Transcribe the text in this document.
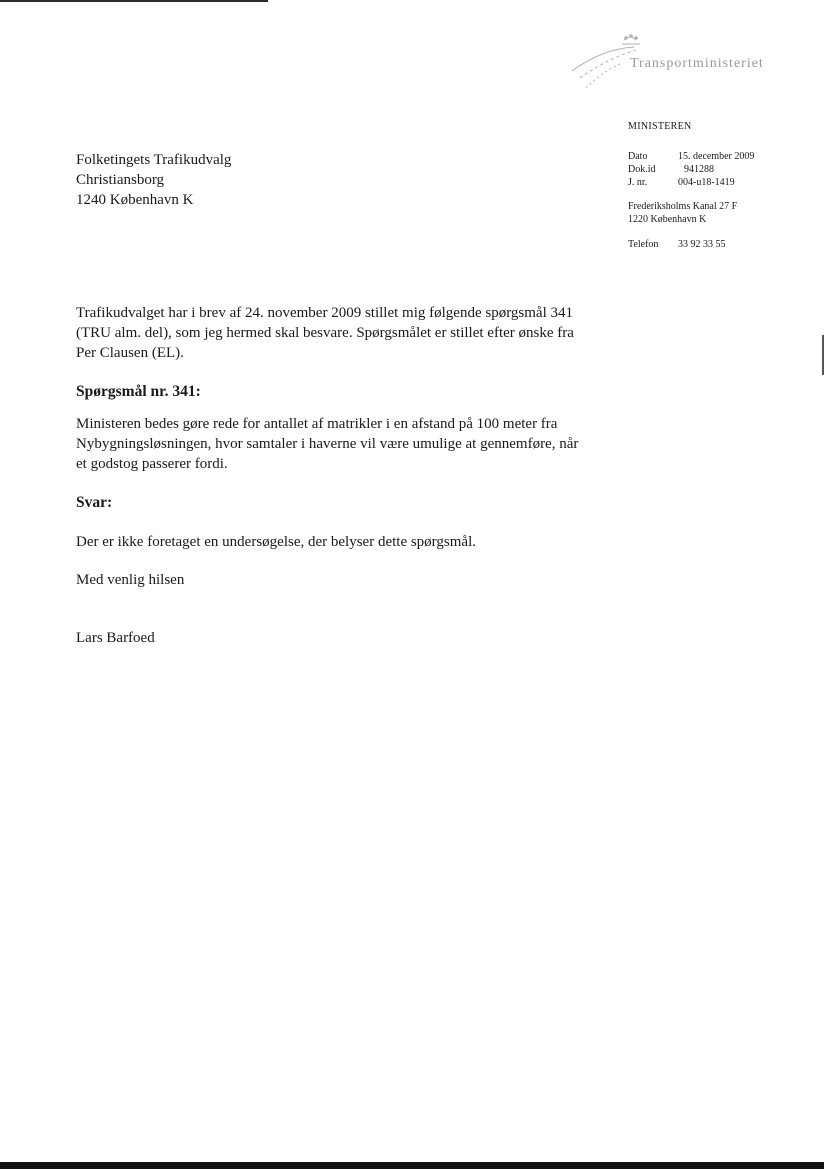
Transportministeriet
MINISTEREN
Dato	15. december 2009
Dok.id	941288
J. nr.	004-u18-1419
Frederiksholms Kanal 27 F
1220 København K
Telefon	33 92 33 55
Folketingets Trafikudvalg
Christiansborg
1240 København K
Trafikudvalget har i brev af 24. november 2009 stillet mig følgende spørgsmål 341 (TRU alm. del), som jeg hermed skal besvare. Spørgsmålet er stillet efter ønske fra Per Clausen (EL).
Spørgsmål nr. 341:
Ministeren bedes gøre rede for antallet af matrikler i en afstand på 100 meter fra Nybygningsløsningen, hvor samtaler i haverne vil være umulige at gennemføre, når et godstog passerer fordi.
Svar:
Der er ikke foretaget en undersøgelse, der belyser dette spørgsmål.
Med venlig hilsen
Lars Barfoed
